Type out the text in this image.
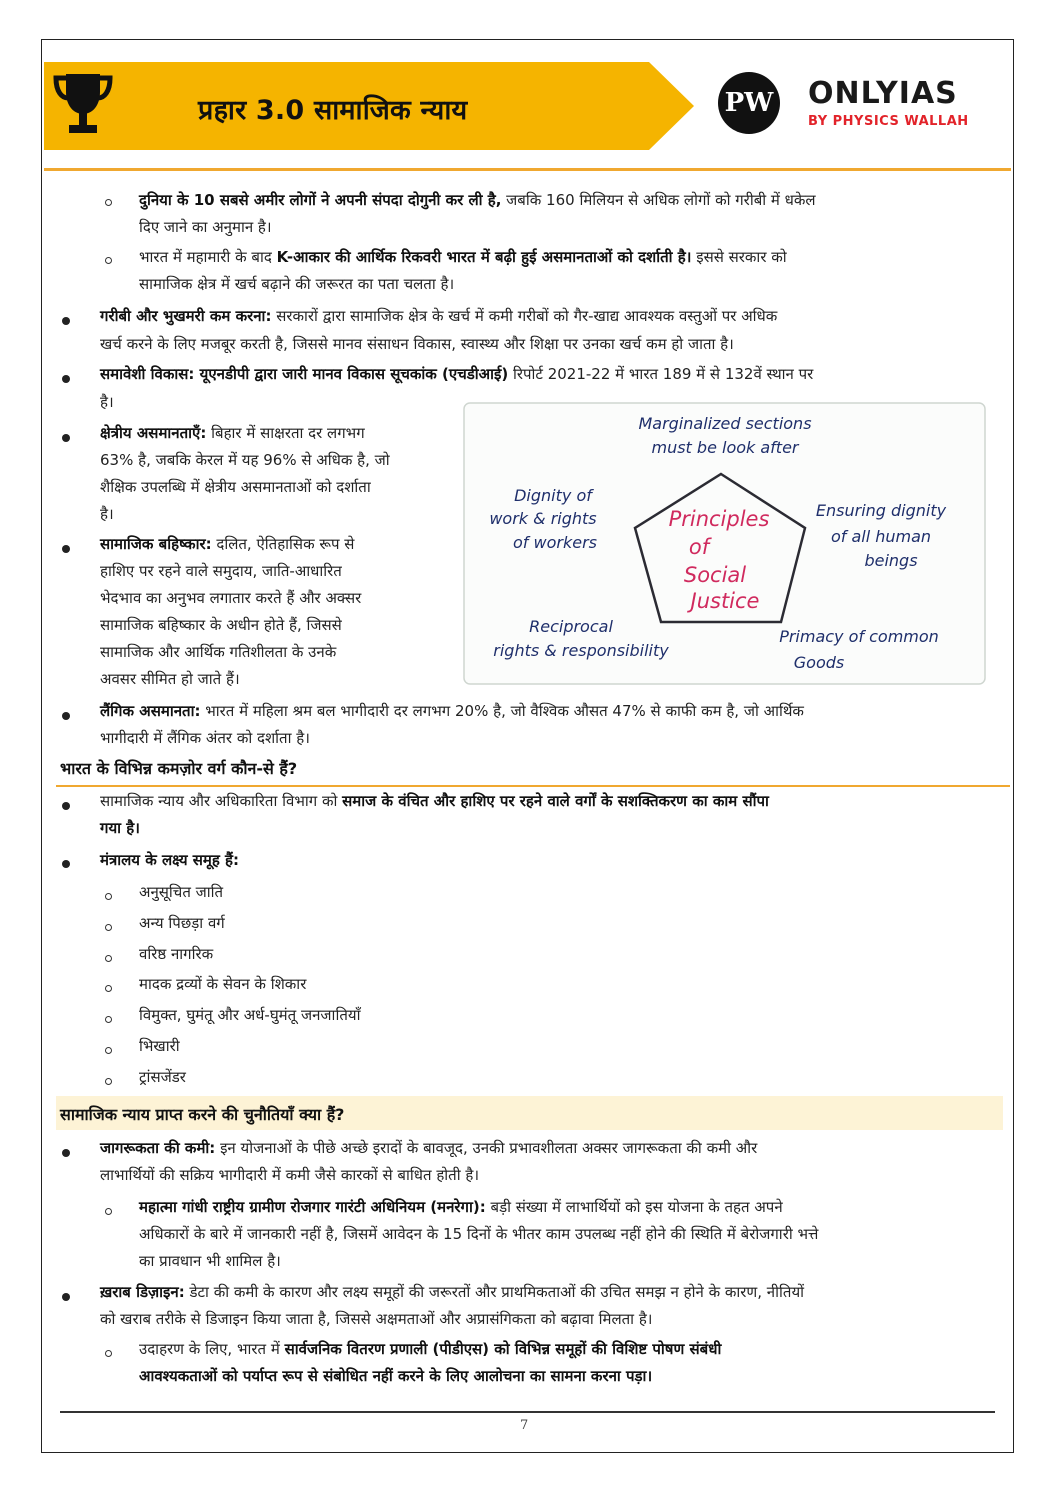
प्रहार 3.0 सामाजिक न्याय	PW ONLYIAS
BY PHYSICS WALLAH
दुनिया के 10 सबसे अमीर लोगों ने अपनी संपदा दोगुनी कर ली है, जबकि 160 मिलियन से अधिक लोगों को गरीबी में धकेल
दिए जाने का अनुमान है।
भारत में महामारी के बाद K-आकार की आर्थिक रिकवरी भारत में बढ़ी हुई असमानताओं को दर्शाती है। इससे सरकार को
सामाजिक क्षेत्र में खर्च बढ़ाने की जरूरत का पता चलता है।
गरीबी और भुखमरी कम करना: सरकारों द्वारा सामाजिक क्षेत्र के खर्च में कमी गरीबों को गैर-खाद्य आवश्यक वस्तुओं पर अधिक
खर्च करने के लिए मजबूर करती है, जिससे मानव संसाधन विकास, स्वास्थ्य और शिक्षा पर उनका खर्च कम हो जाता है।
समावेशी विकास: यूएनडीपी द्वारा जारी मानव विकास सूचकांक (एचडीआई) रिपोर्ट 2021-22 में भारत 189 में से 132वें स्थान पर
है।
क्षेत्रीय असमानताएँ: बिहार में साक्षरता दर लगभग
63% है, जबकि केरल में यह 96% से अधिक है, जो
शैक्षिक उपलब्धि में क्षेत्रीय असमानताओं को दर्शाता
है।
सामाजिक बहिष्कार: दलित, ऐतिहासिक रूप से
हाशिए पर रहने वाले समुदाय, जाति-आधारित
भेदभाव का अनुभव लगातार करते हैं और अक्सर
सामाजिक बहिष्कार के अधीन होते हैं, जिससे
सामाजिक और आर्थिक गतिशीलता के उनके
अवसर सीमित हो जाते हैं।
Principles
of
Social
Justice
Marginalized sections
must be look after
Dignity of
work & rights
of workers
Ensuring dignity
of all human
beings
Reciprocal
rights & responsibility
Primacy of common
Goods
लैंगिक असमानता: भारत में महिला श्रम बल भागीदारी दर लगभग 20% है, जो वैश्विक औसत 47% से काफी कम है, जो आर्थिक
भागीदारी में लैंगिक अंतर को दर्शाता है।
भारत के विभिन्न कमज़ोर वर्ग कौन-से हैं?
सामाजिक न्याय और अधिकारिता विभाग को समाज के वंचित और हाशिए पर रहने वाले वर्गों के सशक्तिकरण का काम सौंपा
गया है।
मंत्रालय के लक्ष्य समूह हैं:
अनुसूचित जाति
अन्य पिछड़ा वर्ग
वरिष्ठ नागरिक
मादक द्रव्यों के सेवन के शिकार
विमुक्त, घुमंतू और अर्ध-घुमंतू जनजातियाँ
भिखारी
ट्रांसजेंडर
सामाजिक न्याय प्राप्त करने की चुनौतियाँ क्या हैं?
जागरूकता की कमी: इन योजनाओं के पीछे अच्छे इरादों के बावजूद, उनकी प्रभावशीलता अक्सर जागरूकता की कमी और
लाभार्थियों की सक्रिय भागीदारी में कमी जैसे कारकों से बाधित होती है।
महात्मा गांधी राष्ट्रीय ग्रामीण रोजगार गारंटी अधिनियम (मनरेगा): बड़ी संख्या में लाभार्थियों को इस योजना के तहत अपने
अधिकारों के बारे में जानकारी नहीं है, जिसमें आवेदन के 15 दिनों के भीतर काम उपलब्ध नहीं होने की स्थिति में बेरोजगारी भत्ते
का प्रावधान भी शामिल है।
ख़राब डिज़ाइन: डेटा की कमी के कारण और लक्ष्य समूहों की जरूरतों और प्राथमिकताओं की उचित समझ न होने के कारण, नीतियों
को खराब तरीके से डिजाइन किया जाता है, जिससे अक्षमताओं और अप्रासंगिकता को बढ़ावा मिलता है।
उदाहरण के लिए, भारत में सार्वजनिक वितरण प्रणाली (पीडीएस) को विभिन्न समूहों की विशिष्ट पोषण संबंधी
आवश्यकताओं को पर्याप्त रूप से संबोधित नहीं करने के लिए आलोचना का सामना करना पड़ा।
7
